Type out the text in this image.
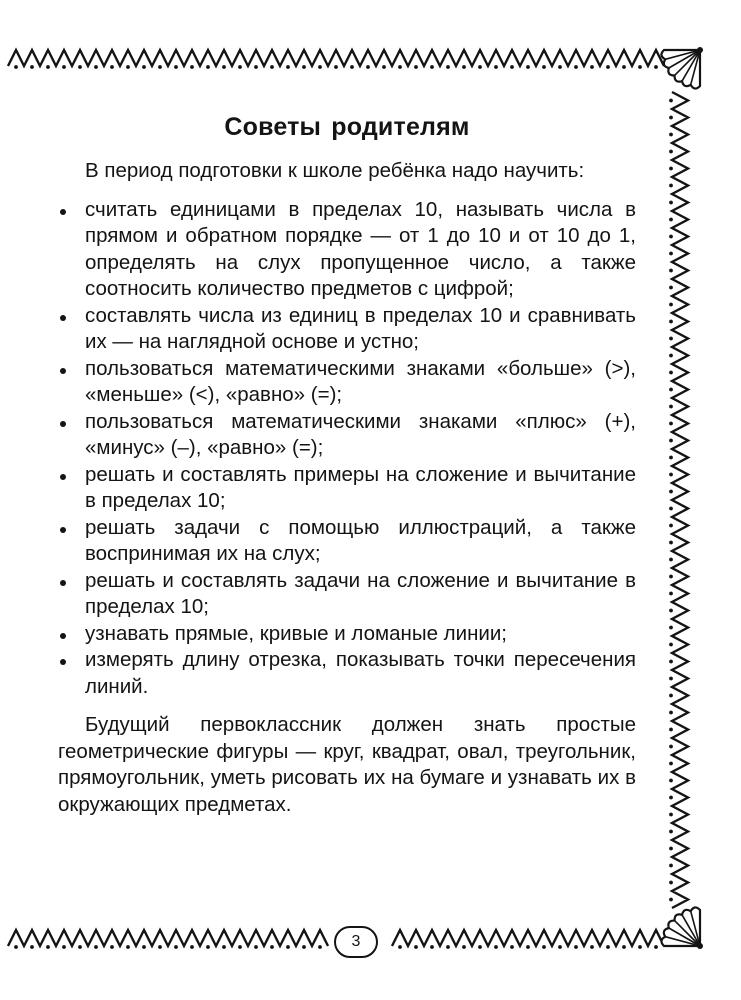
Советы родителям

В период подготовки к школе ребёнка надо научить:

считать единицами в пределах 10, называть числа в прямом и обратном порядке — от 1 до 10 и от 10 до 1, определять на слух пропущенное число, а также соотносить количество предметов с цифрой;
составлять числа из единиц в пределах 10 и сравнивать их — на наглядной основе и устно;
пользоваться математическими знаками «больше» (>), «меньше» (<), «равно» (=);
пользоваться математическими знаками «плюс» (+), «минус» (–), «равно» (=);
решать и составлять примеры на сложение и вычитание в пределах 10;
решать задачи с помощью иллюстраций, а также воспринимая их на слух;
решать и составлять задачи на сложение и вычитание в пределах 10;
узнавать прямые, кривые и ломаные линии;
измерять длину отрезка, показывать точки пересечения линий.

Будущий первоклассник должен знать простые геометрические фигуры — круг, квадрат, овал, треугольник, прямоугольник, уметь рисовать их на бумаге и узнавать их в окружающих предметах.

3
